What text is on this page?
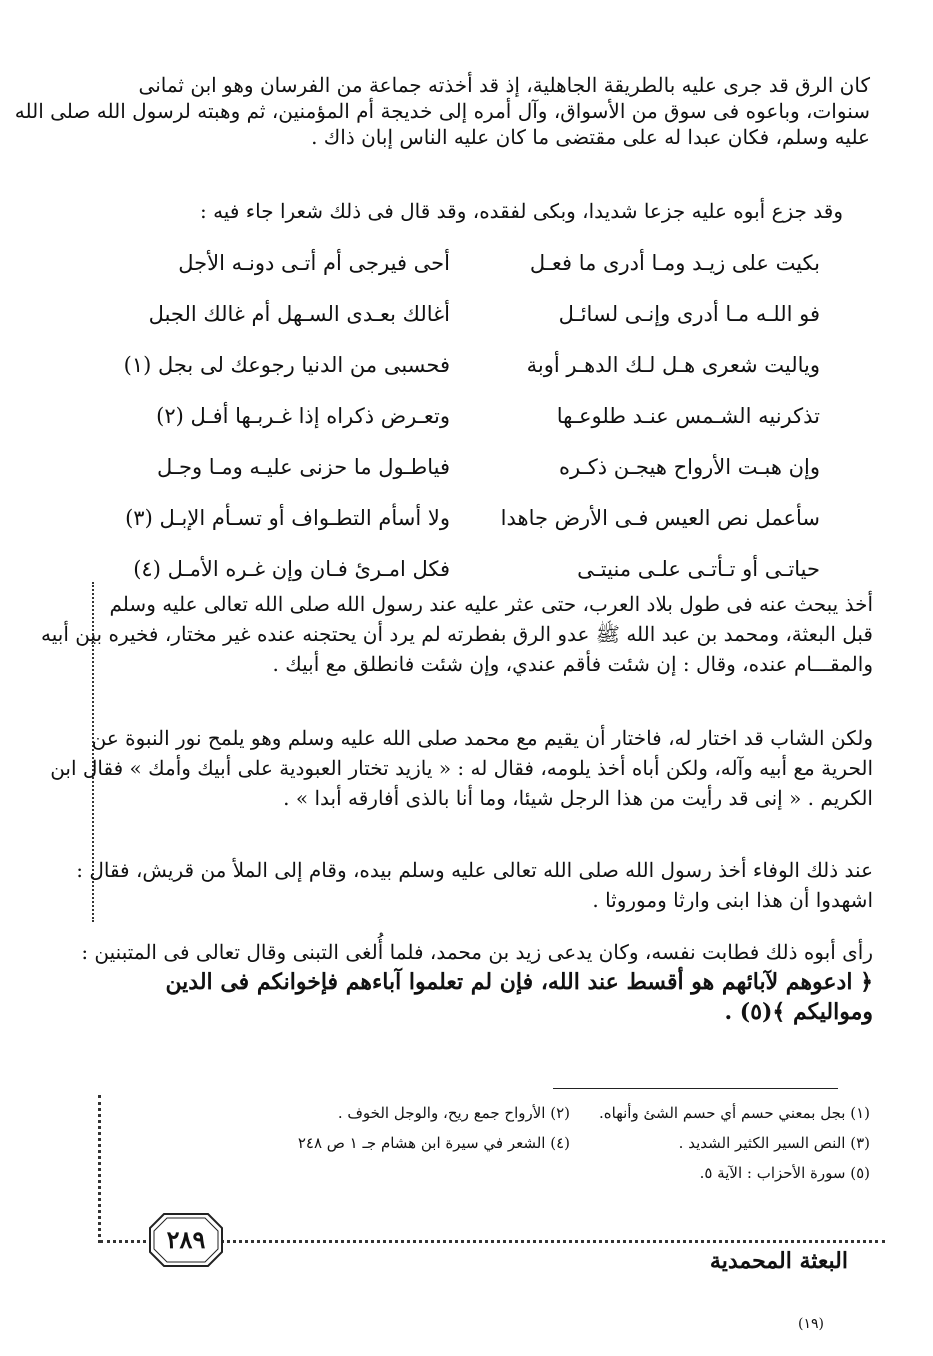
كان الرق قد جرى عليه بالطريقة الجاهلية، إذ قد أخذته جماعة من الفرسان وهو ابن ثمانى
سنوات، وباعوه فى سوق من الأسواق، وآل أمره إلى خديجة أم المؤمنين، ثم وهبته لرسول الله صلى الله
عليه وسلم، فكان عبدا له على مقتضى ما كان عليه الناس إبان ذاك .
وقد جزع أبوه عليه جزعا شديدا، وبكى لفقده، وقد قال فى ذلك شعرا جاء فيه :
بكيت على زيـد ومـا أدرى ما فعـل
أحى فيرجى أم أتـى دونـه الأجل
فو اللـه مـا أدرى وإنـى لسائـل
أغالك بعـدى السـهل أم غالك الجبل
وياليت شعرى هـل لـك الدهـر أوبة
فحسبى من الدنيا رجوعك لى بجل (١)
تذكرنيه الشـمس عنـد طلوعـها
وتعـرض ذكراه إذا غـربـها أفـل (٢)
وإن هبـت الأرواح هيجـن ذكـره
فياطـول ما حزنى عليـه ومـا وجـل
سأعمل نص العيس فـى الأرض جاهدا
ولا أسأم التطـواف أو تسـأم الإبـل (٣)
حياتـى أو تـأتـى علـى منيتـى
فكل امـرئ فـان وإن غـره الأمـل (٤)
أخذ يبحث عنه فى طول بلاد العرب، حتى عثر عليه عند رسول الله صلى الله تعالى عليه وسلم
قبل البعثة، ومحمد بن عبد الله ﷺ عدو الرق بفطرته لم يرد أن يحتجنه عنده غير مختار، فخيره بين أبيه
والمقـــام عنده، وقال : إن شئت فأقم عندي، وإن شئت فانطلق مع أبيك .
ولكن الشاب قد اختار له، فاختار أن يقيم مع محمد صلى الله عليه وسلم وهو يلمح نور النبوة عن
الحرية مع أبيه وآله، ولكن أباه أخذ يلومه، فقال له : « يازيد تختار العبودية على أبيك وأمك » فقال ابن
الكريم . « إنى قد رأيت من هذا الرجل شيئا، وما أنا بالذى أفارقه أبدا » .
عند ذلك الوفاء أخذ رسول الله صلى الله تعالى عليه وسلم بيده، وقام إلى الملأ من قريش، فقال :
اشهدوا أن هذا ابنى وارثا وموروثا .
رأى أبوه ذلك فطابت نفسه، وكان يدعى زيد بن محمد، فلما أُلغى التبنى وقال تعالى فى المتبنين :
﴿ ادعوهم لآبائهم هو أقسط عند الله، فإن لم تعلموا آباءهم فإخوانكم فى الدين
ومواليكم ﴾(٥) .
(١) بجل بمعني حسم أي حسم الشئ وأنهاه.
(٢) الأرواح جمع ريح، والوجل الخوف .
(٣) النص السير الكثير الشديد .
(٤) الشعر في سيرة ابن هشام جـ ١ ص ٢٤٨
(٥) سورة الأحزاب : الآية ٥.
٢٨٩
البعثة المحمدية
(١٩)
